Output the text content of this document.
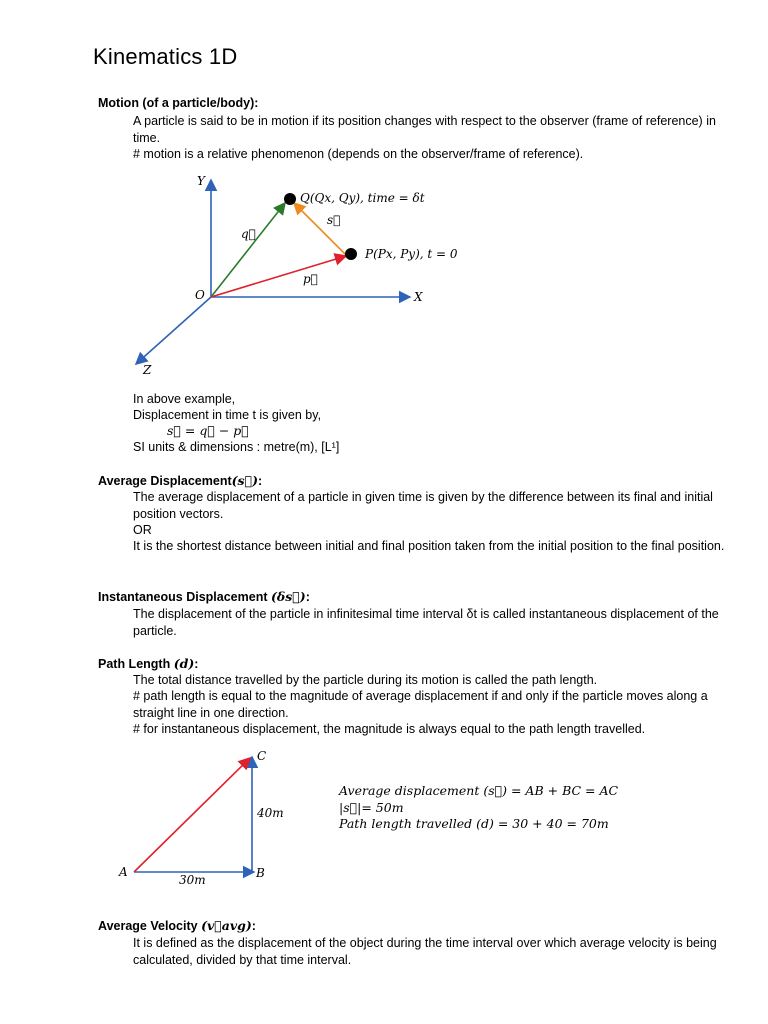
Kinematics 1D
Motion (of a particle/body):
A particle is said to be in motion if its position changes with respect to the observer (frame of reference) in time.
# motion is a relative phenomenon (depends on the observer/frame of reference).
Y
X
Z
O
Q(Qx, Qy), time = δt
P(Px, Py), t = 0
s⃗
q⃗
p⃗
A	B
C
30m
40m
In above example,
Displacement in time t is given by,
s⃗ = q⃗ − p⃗
SI units & dimensions : metre(m), [L¹]
Average Displacement(s⃗):
The average displacement of a particle in given time is given by the difference between its final and initial position vectors.
OR
It is the shortest distance between initial and final position taken from the initial position to the final position.
Instantaneous Displacement (δs⃗):
The displacement of the particle in infinitesimal time interval δt is called instantaneous displacement of the particle.
Path Length (d):
The total distance travelled by the particle during its motion is called the path length.
# path length is equal to the magnitude of average displacement if and only if the particle moves along a straight line in one direction.
# for instantaneous displacement, the magnitude is always equal to the path length travelled.
Average displacement (s⃗) = AB + BC = AC
|s⃗|= 50m
Path length travelled (d) = 30 + 40 = 70m
Average Velocity (v⃗avg):
It is defined as the displacement of the object during the time interval over which average velocity is being calculated, divided by that time interval.
